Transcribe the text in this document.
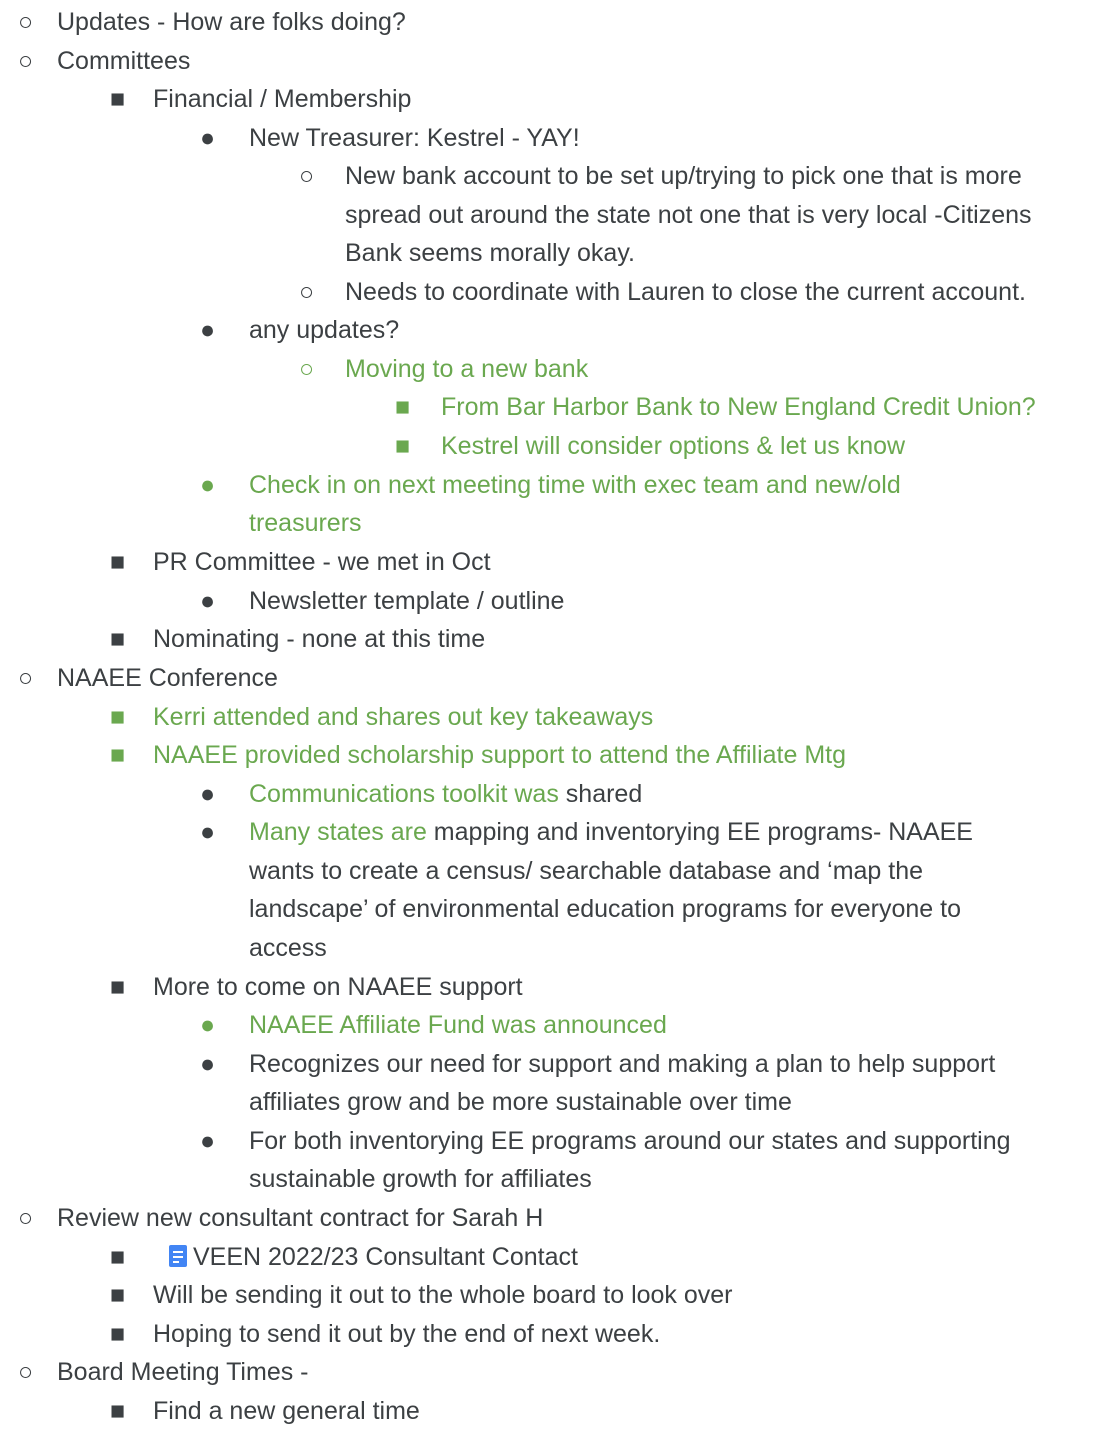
○ Updates - How are folks doing?
○ Committees
■ Financial / Membership
● New Treasurer: Kestrel - YAY!
○ New bank account to be set up/trying to pick one that is more
spread out around the state not one that is very local -Citizens
Bank seems morally okay.
○ Needs to coordinate with Lauren to close the current account.
● any updates?
○ Moving to a new bank
■ From Bar Harbor Bank to New England Credit Union?
■ Kestrel will consider options & let us know
● Check in on next meeting time with exec team and new/old
treasurers
■ PR Committee - we met in Oct
● Newsletter template / outline
■ Nominating - none at this time
○ NAAEE Conference
■ Kerri attended and shares out key takeaways
■ NAAEE provided scholarship support to attend the Affiliate Mtg
● Communications toolkit was shared
● Many states are mapping and inventorying EE programs- NAAEE
wants to create a census/ searchable database and ‘map the
landscape’ of environmental education programs for everyone to
access
■ More to come on NAAEE support
● NAAEE Affiliate Fund was announced
● Recognizes our need for support and making a plan to help support
affiliates grow and be more sustainable over time
● For both inventorying EE programs around our states and supporting
sustainable growth for affiliates
○ Review new consultant contract for Sarah H
■	VEEN 2022/23 Consultant Contact
■ Will be sending it out to the whole board to look over
■ Hoping to send it out by the end of next week.
○ Board Meeting Times -
■ Find a new general time
